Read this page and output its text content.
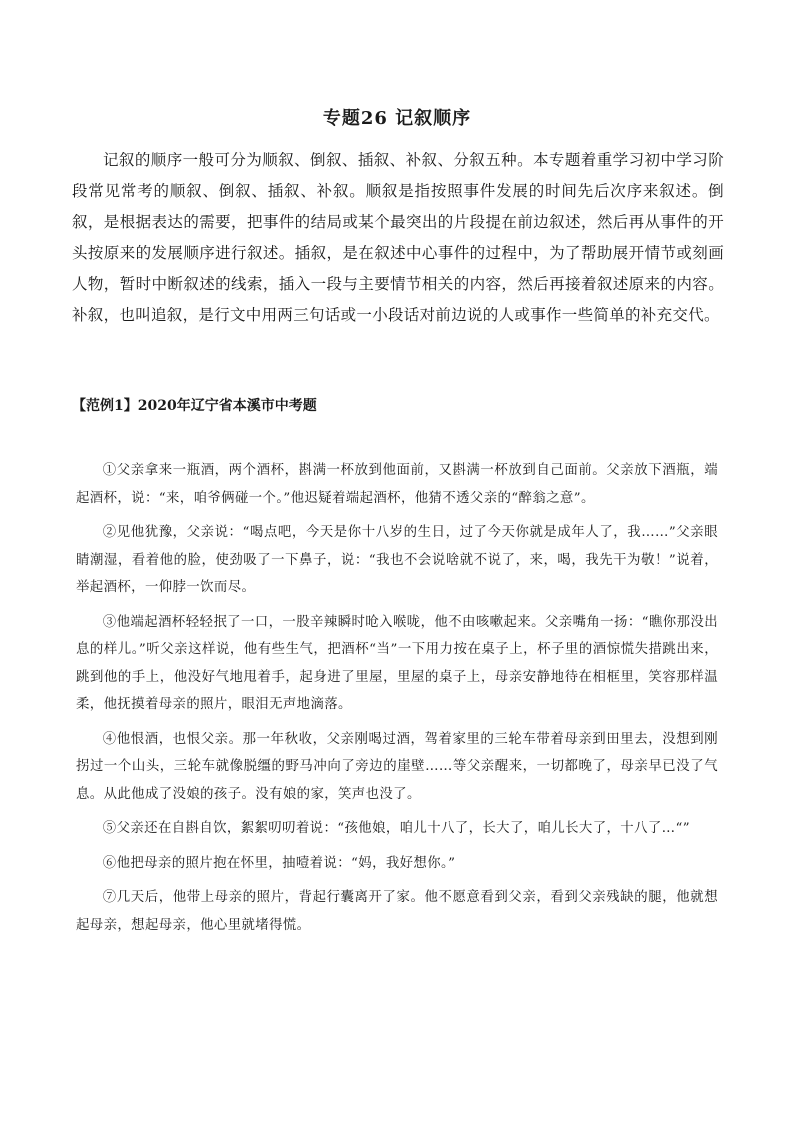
专题26 记叙顺序

记叙的顺序一般可分为顺叙、倒叙、插叙、补叙、分叙五种。本专题着重学习初中学习阶段常见常考的顺叙、倒叙、插叙、补叙。顺叙是指按照事件发展的时间先后次序来叙述。倒叙，是根据表达的需要，把事件的结局或某个最突出的片段提在前边叙述，然后再从事件的开头按原来的发展顺序进行叙述。插叙，是在叙述中心事件的过程中，为了帮助展开情节或刻画人物，暂时中断叙述的线索，插入一段与主要情节相关的内容，然后再接着叙述原来的内容。补叙，也叫追叙，是行文中用两三句话或一小段话对前边说的人或事作一些简单的补充交代。

【范例1】2020年辽宁省本溪市中考题

①父亲拿来一瓶酒，两个酒杯，斟满一杯放到他面前，又斟满一杯放到自己面前。父亲放下酒瓶，端起酒杯，说：“来，咱爷俩碰一个。”他迟疑着端起酒杯，他猜不透父亲的“醉翁之意”。

②见他犹豫，父亲说：“喝点吧，今天是你十八岁的生日，过了今天你就是成年人了，我……”父亲眼睛潮湿，看着他的脸，使劲吸了一下鼻子，说：“我也不会说啥就不说了，来，喝，我先干为敬！”说着，举起酒杯，一仰脖一饮而尽。

③他端起酒杯轻轻抿了一口，一股辛辣瞬时呛入喉咙，他不由咳嗽起来。父亲嘴角一扬：“瞧你那没出息的样儿。”听父亲这样说，他有些生气，把酒杯“当”一下用力按在桌子上，杯子里的酒惊慌失措跳出来，跳到他的手上，他没好气地甩着手，起身进了里屋，里屋的桌子上，母亲安静地待在相框里，笑容那样温柔，他抚摸着母亲的照片，眼泪无声地滴落。

④他恨酒，也恨父亲。那一年秋收，父亲刚喝过酒，驾着家里的三轮车带着母亲到田里去，没想到刚拐过一个山头，三轮车就像脱缰的野马冲向了旁边的崖壁……等父亲醒来，一切都晚了，母亲早已没了气息。从此他成了没娘的孩子。没有娘的家，笑声也没了。

⑤父亲还在自斟自饮，絮絮叨叨着说：“孩他娘，咱儿十八了，长大了，咱儿长大了，十八了…“”

⑥他把母亲的照片抱在怀里，抽噎着说：“妈，我好想你。”

⑦几天后，他带上母亲的照片，背起行囊离开了家。他不愿意看到父亲，看到父亲残缺的腿，他就想起母亲，想起母亲，他心里就堵得慌。
